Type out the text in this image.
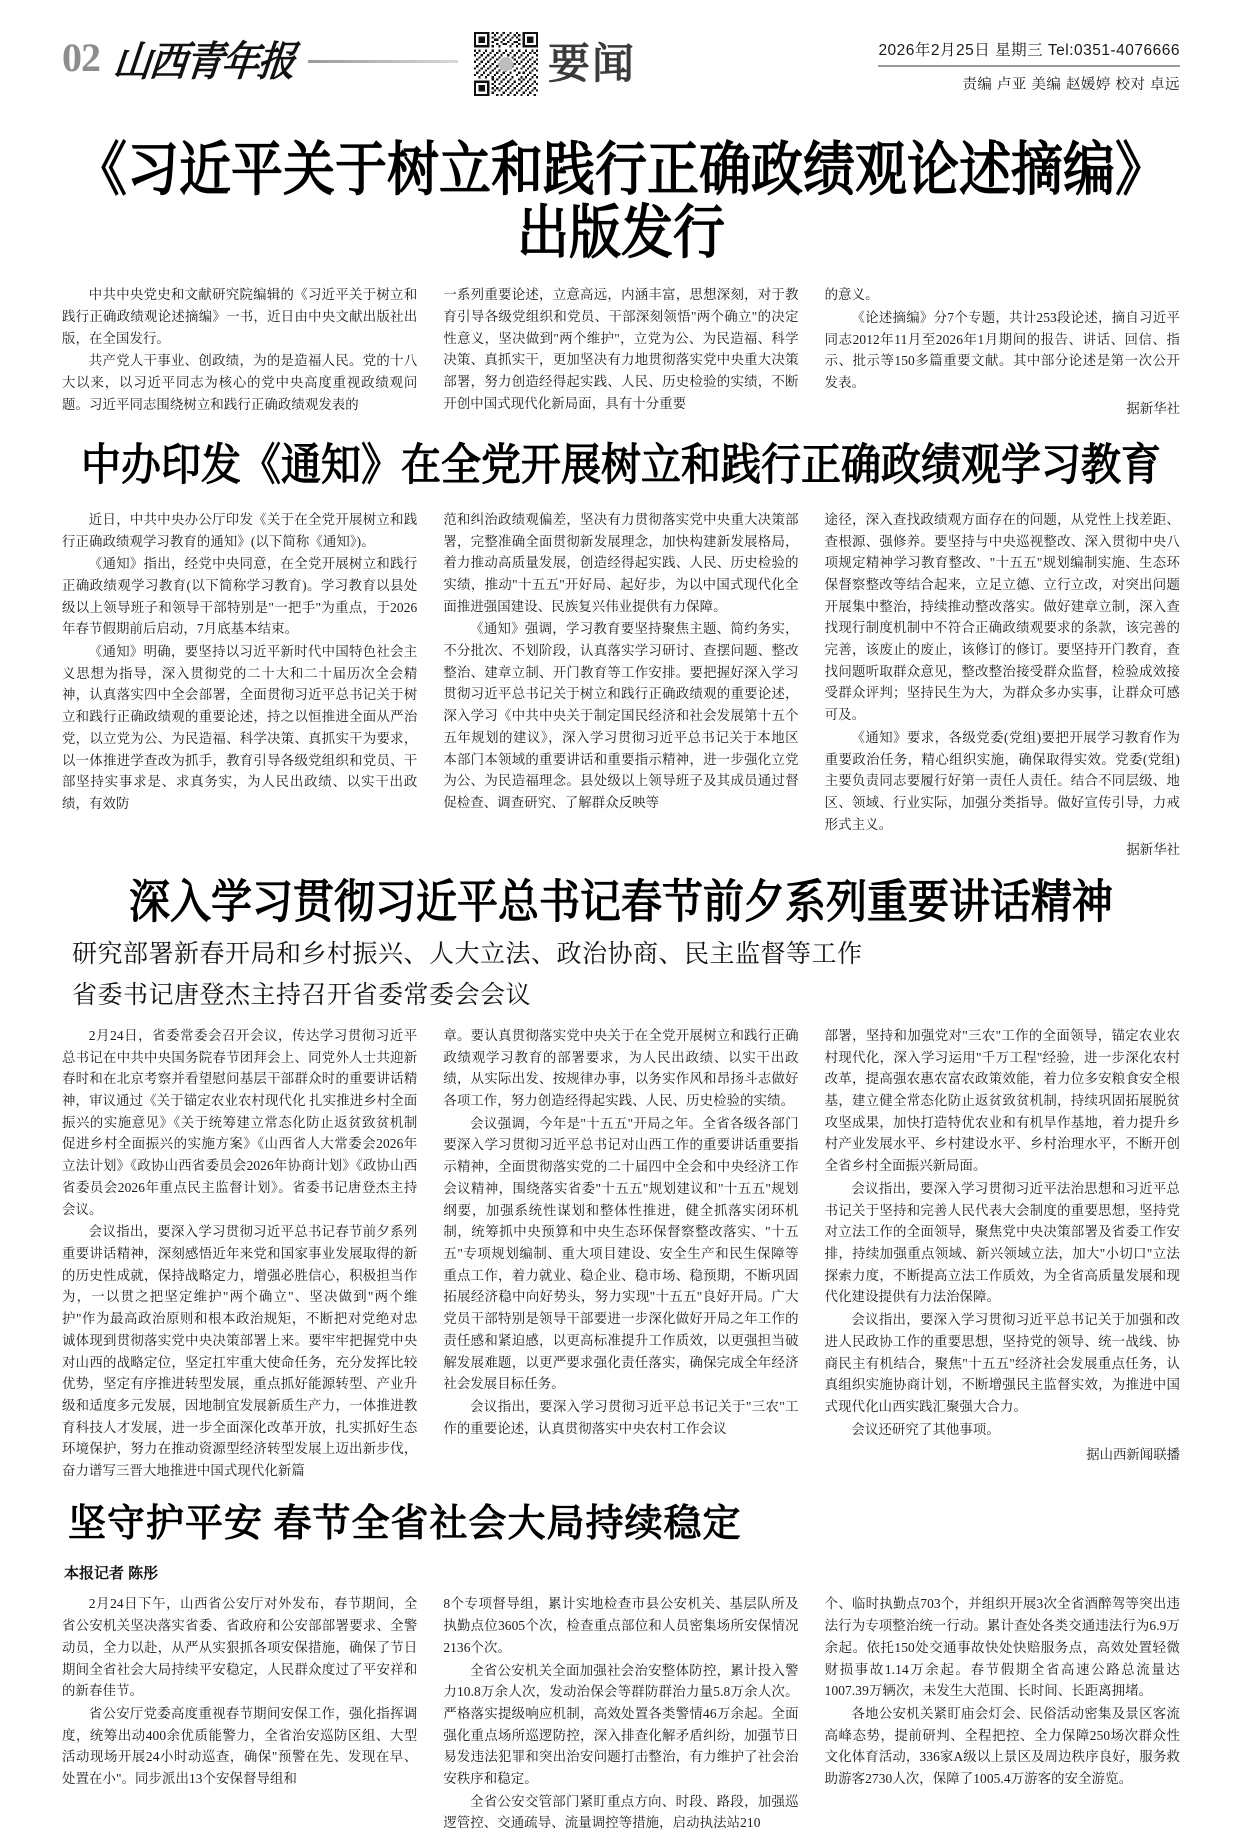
02 山西青年报	要闻	2026年2月25日 星期三 Tel:0351-4076666
责编 卢亚 美编 赵媛婷 校对 卓远
《习近平关于树立和践行正确政绩观论述摘编》出版发行

中共中央党史和文献研究院编辑的《习近平关于树立和践行正确政绩观论述摘编》一书，近日由中央文献出版社出版，在全国发行。

共产党人干事业、创政绩，为的是造福人民。党的十八大以来，以习近平同志为核心的党中央高度重视政绩观问题。习近平同志围绕树立和践行正确政绩观发表的

一系列重要论述，立意高远，内涵丰富，思想深刻，对于教育引导各级党组织和党员、干部深刻领悟"两个确立"的决定性意义，坚决做到"两个维护"，立党为公、为民造福、科学决策、真抓实干，更加坚决有力地贯彻落实党中央重大决策部署，努力创造经得起实践、人民、历史检验的实绩，不断开创中国式现代化新局面，具有十分重要

的意义。

《论述摘编》分7个专题，共计253段论述，摘自习近平同志2012年11月至2026年1月期间的报告、讲话、回信、指示、批示等150多篇重要文献。其中部分论述是第一次公开发表。

据新华社
中办印发《通知》在全党开展树立和践行正确政绩观学习教育

近日，中共中央办公厅印发《关于在全党开展树立和践行正确政绩观学习教育的通知》(以下简称《通知》)。

《通知》指出，经党中央同意，在全党开展树立和践行正确政绩观学习教育(以下简称学习教育)。学习教育以县处级以上领导班子和领导干部特别是"一把手"为重点，于2026年春节假期前后启动，7月底基本结束。

《通知》明确，要坚持以习近平新时代中国特色社会主义思想为指导，深入贯彻党的二十大和二十届历次全会精神，认真落实四中全会部署，全面贯彻习近平总书记关于树立和践行正确政绩观的重要论述，持之以恒推进全面从严治党，以立党为公、为民造福、科学决策、真抓实干为要求，以一体推进学查改为抓手，教育引导各级党组织和党员、干部坚持实事求是、求真务实，为人民出政绩、以实干出政绩，有效防

范和纠治政绩观偏差，坚决有力贯彻落实党中央重大决策部署，完整准确全面贯彻新发展理念，加快构建新发展格局，着力推动高质量发展，创造经得起实践、人民、历史检验的实绩，推动"十五五"开好局、起好步，为以中国式现代化全面推进强国建设、民族复兴伟业提供有力保障。

《通知》强调，学习教育要坚持聚焦主题、简约务实，不分批次、不划阶段，认真落实学习研讨、查摆问题、整改整治、建章立制、开门教育等工作安排。要把握好深入学习贯彻习近平总书记关于树立和践行正确政绩观的重要论述，深入学习《中共中央关于制定国民经济和社会发展第十五个五年规划的建议》，深入学习贯彻习近平总书记关于本地区本部门本领域的重要讲话和重要指示精神，进一步强化立党为公、为民造福理念。县处级以上领导班子及其成员通过督促检查、调查研究、了解群众反映等

途径，深入查找政绩观方面存在的问题，从党性上找差距、查根源、强修养。要坚持与中央巡视整改、深入贯彻中央八项规定精神学习教育整改、"十五五"规划编制实施、生态环保督察整改等结合起来，立足立德、立行立改，对突出问题开展集中整治，持续推动整改落实。做好建章立制，深入查找现行制度机制中不符合正确政绩观要求的条款，该完善的完善，该废止的废止，该修订的修订。要坚持开门教育，查找问题听取群众意见，整改整治接受群众监督，检验成效接受群众评判；坚持民生为大，为群众多办实事，让群众可感可及。

《通知》要求，各级党委(党组)要把开展学习教育作为重要政治任务，精心组织实施，确保取得实效。党委(党组)主要负责同志要履行好第一责任人责任。结合不同层级、地区、领域、行业实际，加强分类指导。做好宣传引导，力戒形式主义。

据新华社
深入学习贯彻习近平总书记春节前夕系列重要讲话精神
研究部署新春开局和乡村振兴、人大立法、政治协商、民主监督等工作
省委书记唐登杰主持召开省委常委会会议

2月24日，省委常委会召开会议，传达学习贯彻习近平总书记在中共中央国务院春节团拜会上、同党外人士共迎新春时和在北京考察并看望慰问基层干部群众时的重要讲话精神，审议通过《关于锚定农业农村现代化 扎实推进乡村全面振兴的实施意见》《关于统筹建立常态化防止返贫致贫机制促进乡村全面振兴的实施方案》《山西省人大常委会2026年立法计划》《政协山西省委员会2026年协商计划》《政协山西省委员会2026年重点民主监督计划》。省委书记唐登杰主持会议。

会议指出，要深入学习贯彻习近平总书记春节前夕系列重要讲话精神，深刻感悟近年来党和国家事业发展取得的新的历史性成就，保持战略定力，增强必胜信心，积极担当作为，一以贯之把坚定维护"两个确立"、坚决做到"两个维护"作为最高政治原则和根本政治规矩，不断把对党绝对忠诚体现到贯彻落实党中央决策部署上来。要牢牢把握党中央对山西的战略定位，坚定扛牢重大使命任务，充分发挥比较优势，坚定有序推进转型发展，重点抓好能源转型、产业升级和适度多元发展，因地制宜发展新质生产力，一体推进教育科技人才发展，进一步全面深化改革开放，扎实抓好生态环境保护，努力在推动资源型经济转型发展上迈出新步伐，奋力谱写三晋大地推进中国式现代化新篇

章。要认真贯彻落实党中央关于在全党开展树立和践行正确政绩观学习教育的部署要求，为人民出政绩、以实干出政绩，从实际出发、按规律办事，以务实作风和昂扬斗志做好各项工作，努力创造经得起实践、人民、历史检验的实绩。

会议强调，今年是"十五五"开局之年。全省各级各部门要深入学习贯彻习近平总书记对山西工作的重要讲话重要指示精神，全面贯彻落实党的二十届四中全会和中央经济工作会议精神，围绕落实省委"十五五"规划建议和"十五五"规划纲要，加强系统性谋划和整体性推进，健全抓落实闭环机制，统筹抓中央预算和中央生态环保督察整改落实、"十五五"专项规划编制、重大项目建设、安全生产和民生保障等重点工作，着力就业、稳企业、稳市场、稳预期，不断巩固拓展经济稳中向好势头，努力实现"十五五"良好开局。广大党员干部特别是领导干部要进一步深化做好开局之年工作的责任感和紧迫感，以更高标准提升工作质效，以更强担当破解发展难题，以更严要求强化责任落实，确保完成全年经济社会发展目标任务。

会议指出，要深入学习贯彻习近平总书记关于"三农"工作的重要论述，认真贯彻落实中央农村工作会议

部署，坚持和加强党对"三农"工作的全面领导，锚定农业农村现代化，深入学习运用"千万工程"经验，进一步深化农村改革，提高强农惠农富农政策效能，着力位多安粮食安全根基，建立健全常态化防止返贫致贫机制，持续巩固拓展脱贫攻坚成果，加快打造特优农业和有机旱作基地，着力提升乡村产业发展水平、乡村建设水平、乡村治理水平，不断开创全省乡村全面振兴新局面。

会议指出，要深入学习贯彻习近平法治思想和习近平总书记关于坚持和完善人民代表大会制度的重要思想，坚持党对立法工作的全面领导，聚焦党中央决策部署及省委工作安排，持续加强重点领域、新兴领域立法，加大"小切口"立法探索力度，不断提高立法工作质效，为全省高质量发展和现代化建设提供有力法治保障。

会议指出，要深入学习贯彻习近平总书记关于加强和改进人民政协工作的重要思想，坚持党的领导、统一战线、协商民主有机结合，聚焦"十五五"经济社会发展重点任务，认真组织实施协商计划，不断增强民主监督实效，为推进中国式现代化山西实践汇聚强大合力。

会议还研究了其他事项。

据山西新闻联播
坚守护平安 春节全省社会大局持续稳定
本报记者 陈彤

2月24日下午，山西省公安厅对外发布，春节期间，全省公安机关坚决落实省委、省政府和公安部部署要求、全警动员，全力以赴，从严从实狠抓各项安保措施，确保了节日期间全省社会大局持续平安稳定，人民群众度过了平安祥和的新春佳节。

省公安厅党委高度重视春节期间安保工作，强化指挥调度，统筹出动400余优质能警力，全省治安巡防区组、大型活动现场开展24小时动巡查，确保"预警在先、发现在早、处置在小"。同步派出13个安保督导组和

8个专项督导组，累计实地检查市县公安机关、基层队所及执勤点位3605个次，检查重点部位和人员密集场所安保情况2136个次。

全省公安机关全面加强社会治安整体防控，累计投入警力10.8万余人次，发动治保会等群防群治力量5.8万余人次。严格落实提级响应机制，高效处置各类警情46万余起。全面强化重点场所巡逻防控，深入排查化解矛盾纠纷，加强节日易发违法犯罪和突出治安问题打击整治，有力维护了社会治安秩序和稳定。

全省公安交管部门紧盯重点方向、时段、路段，加强巡逻管控、交通疏导、流量调控等措施，启动执法站210

个、临时执勤点703个，并组织开展3次全省酒醉驾等突出违法行为专项整治统一行动。累计查处各类交通违法行为6.9万余起。依托150处交通事故快处快赔服务点，高效处置轻微财损事故1.14万余起。春节假期全省高速公路总流量达1007.39万辆次，未发生大范围、长时间、长距离拥堵。

各地公安机关紧盯庙会灯会、民俗活动密集及景区客流高峰态势，提前研判、全程把控、全力保障250场次群众性文化体育活动，336家A级以上景区及周边秩序良好，服务救助游客2730人次，保障了1005.4万游客的安全游览。
